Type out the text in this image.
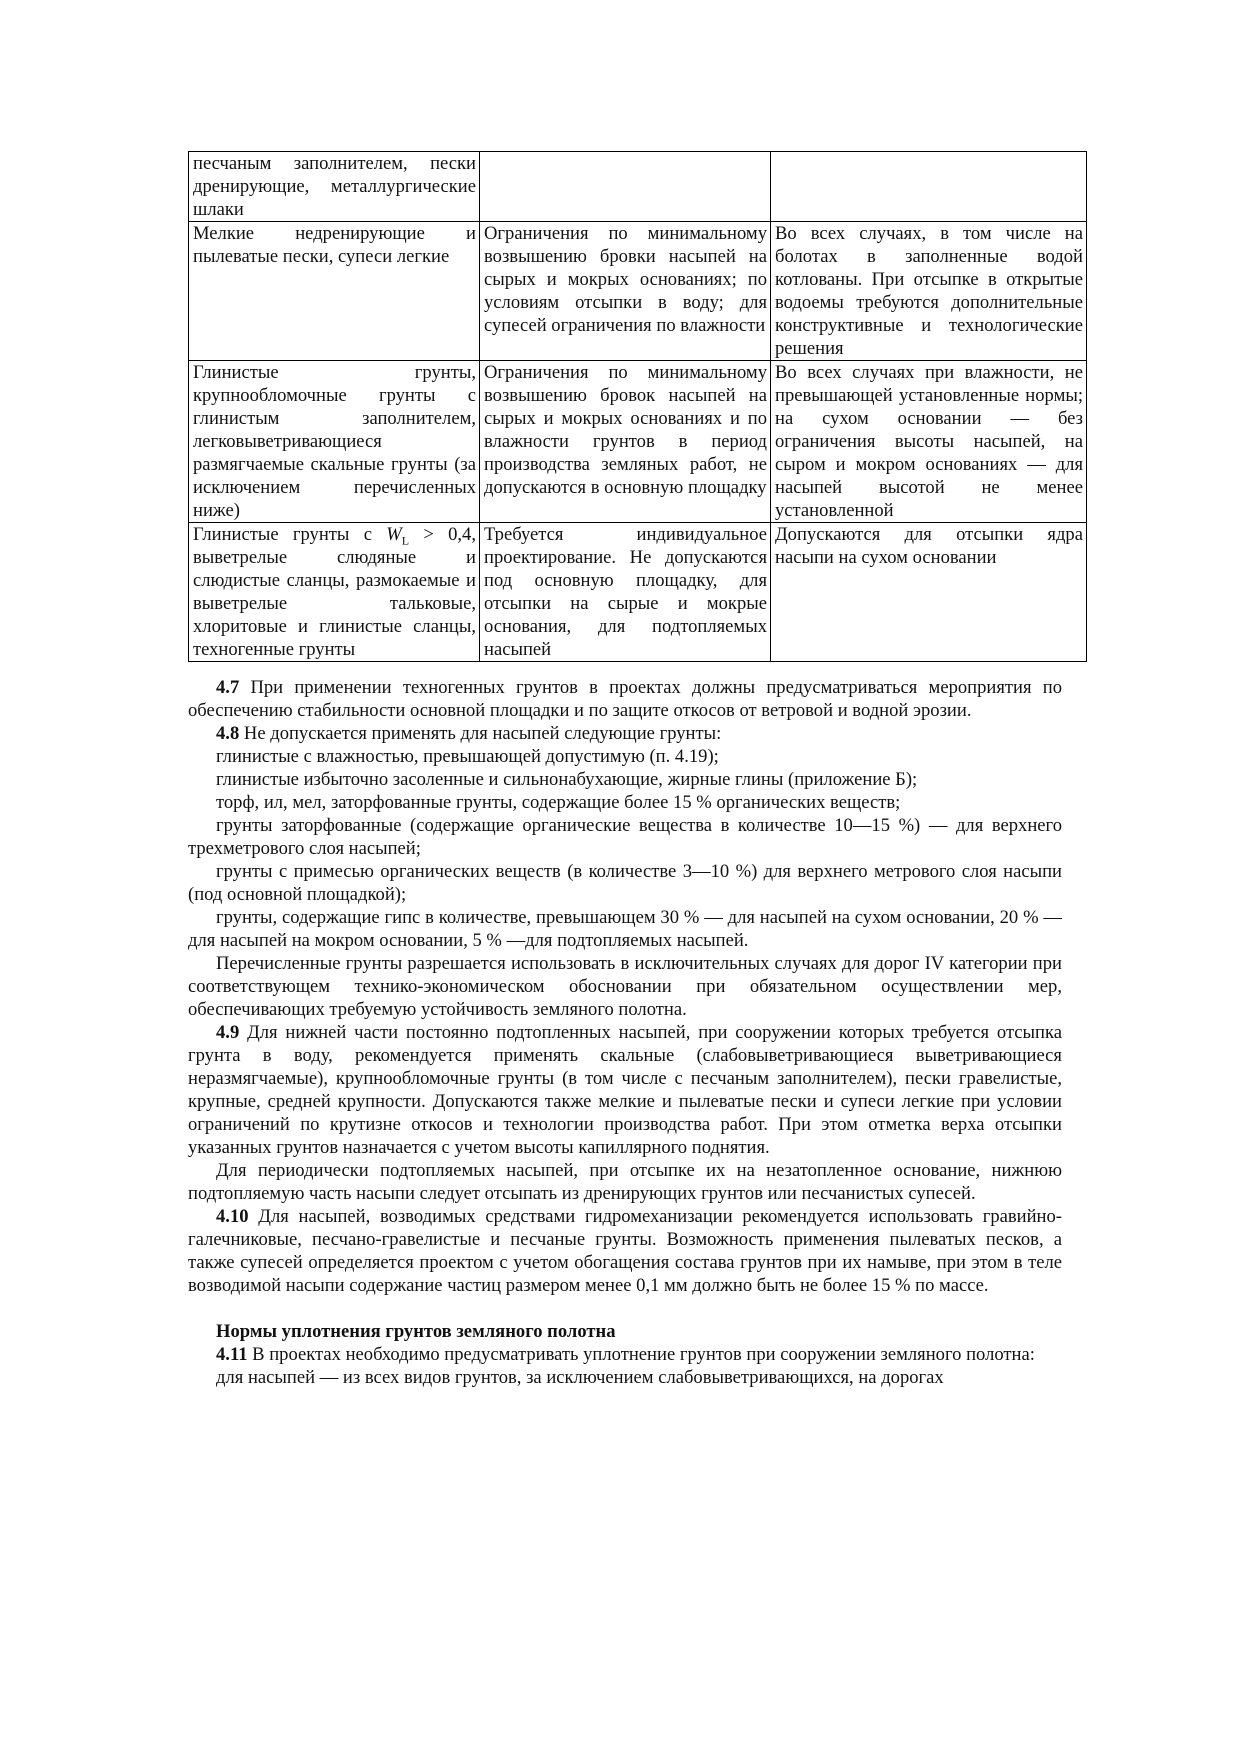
песчаным заполнителем, пески дренирующие, металлургические шлаки		
Мелкие недренирующие и пылеватые пески, супеси легкие	Ограничения по минимальному возвышению бровки насыпей на сырых и мокрых основаниях; по условиям отсыпки в воду; для супесей ограничения по влажности	Во всех случаях, в том числе на болотах в заполненные водой котлованы. При отсыпке в открытые водоемы требуются дополнительные конструктивные и технологические решения
Глинистые грунты, крупнообломочные грунты с глинистым заполнителем, легковыветривающиеся размягчаемые скальные грунты (за исключением перечисленных ниже)	Ограничения по минимальному возвышению бровок насыпей на сырых и мокрых основаниях и по влажности грунтов в период производства земляных работ, не допускаются в основную площадку	Во всех случаях при влажности, не превышающей установленные нормы; на сухом основании — без ограничения высоты насыпей, на сыром и мокром основаниях — для насыпей высотой не менее установленной
Глинистые грунты с $W_L > 0,4$, выветрелые слюдяные и слюдистые сланцы, размокаемые и выветрелые тальковые, хлоритовые и глинистые сланцы, техногенные грунты	Требуется индивидуальное проектирование. Не допускаются под основную площадку, для отсыпки на сырые и мокрые основания, для подтопляемых насыпей	Допускаются для отсыпки ядра насыпи на сухом основании

4.7 При применении техногенных грунтов в проектах должны предусматриваться мероприятия по обеспечению стабильности основной площадки и по защите откосов от ветровой и водной эрозии.

4.8 Не допускается применять для насыпей следующие грунты:

глинистые с влажностью, превышающей допустимую (п. 4.19);

глинистые избыточно засоленные и сильнонабухающие, жирные глины (приложение Б);

торф, ил, мел, заторфованные грунты, содержащие более 15 % органических веществ;

грунты заторфованные (содержащие органические вещества в количестве 10—15 %) — для верхнего трехметрового слоя насыпей;

грунты с примесью органических веществ (в количестве 3—10 %) для верхнего метрового слоя насыпи (под основной площадкой);

грунты, содержащие гипс в количестве, превышающем 30 % — для насыпей на сухом основании, 20 % — для насыпей на мокром основании, 5 % —для подтопляемых насыпей.

Перечисленные грунты разрешается использовать в исключительных случаях для дорог IV категории при соответствующем технико-экономическом обосновании при обязательном осуществлении мер, обеспечивающих требуемую устойчивость земляного полотна.

4.9 Для нижней части постоянно подтопленных насыпей, при сооружении которых требуется отсыпка грунта в воду, рекомендуется применять скальные (слабовыветривающиеся выветривающиеся неразмягчаемые), крупнообломочные грунты (в том числе с песчаным заполнителем), пески гравелистые, крупные, средней крупности. Допускаются также мелкие и пылеватые пески и супеси легкие при условии ограничений по крутизне откосов и технологии производства работ. При этом отметка верха отсыпки указанных грунтов назначается с учетом высоты капиллярного поднятия.

Для периодически подтопляемых насыпей, при отсыпке их на незатопленное основание, нижнюю подтопляемую часть насыпи следует отсыпать из дренирующих грунтов или песчанистых супесей.

4.10 Для насыпей, возводимых средствами гидромеханизации рекомендуется использовать гравийно-галечниковые, песчано-гравелистые и песчаные грунты. Возможность применения пылеватых песков, а также супесей определяется проектом с учетом обогащения состава грунтов при их намыве, при этом в теле возводимой насыпи содержание частиц размером менее 0,1 мм должно быть не более 15 % по массе.

Нормы уплотнения грунтов земляного полотна

4.11 В проектах необходимо предусматривать уплотнение грунтов при сооружении земляного полотна:

для насыпей — из всех видов грунтов, за исключением слабовыветривающихся, на дорогах
